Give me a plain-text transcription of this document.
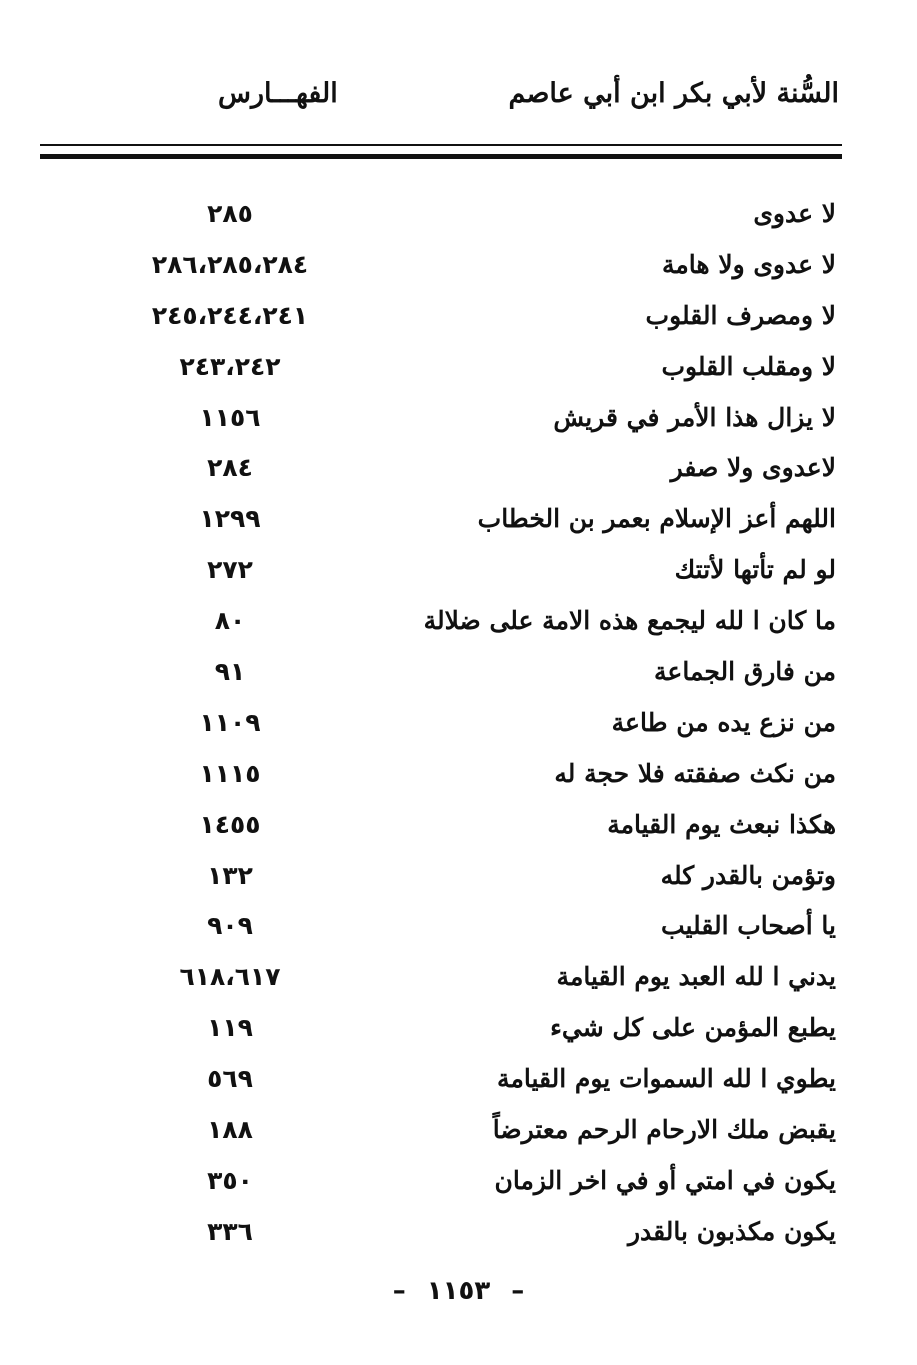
السُّنة لأبي بكر ابن أبي عاصم
الفهـــارس
لا عدوى
٢٨٥
لا عدوى ولا هامة
٢٨٦،٢٨٥،٢٨٤
لا ومصرف القلوب
٢٤٥،٢٤٤،٢٤١
لا ومقلب القلوب
٢٤٣،٢٤٢
لا يزال هذا الأمر في قريش
١١٥٦
لاعدوى ولا صفر
٢٨٤
اللهم أعز الإسلام بعمر بن الخطاب
١٢٩٩
لو لم تأتها لأتتك
٢٧٢
ما كان ا لله ليجمع هذه الامة على ضلالة
٨٠
من فارق الجماعة
٩١
من نزع يده من طاعة
١١٠٩
من نكث صفقته فلا حجة له
١١١٥
هكذا نبعث يوم القيامة
١٤٥٥
وتؤمن بالقدر كله
١٣٢
يا أصحاب القليب
٩٠٩
يدني ا لله العبد يوم القيامة
٦١٨،٦١٧
يطبع المؤمن على كل شيء
١١٩
يطوي ا لله السموات يوم القيامة
٥٦٩
يقبض ملك الارحام الرحم معترضاً
١٨٨
يكون في امتي أو في اخر الزمان
٣٥٠
يكون مكذبون بالقدر
٣٣٦
– ١١٥٣ –
